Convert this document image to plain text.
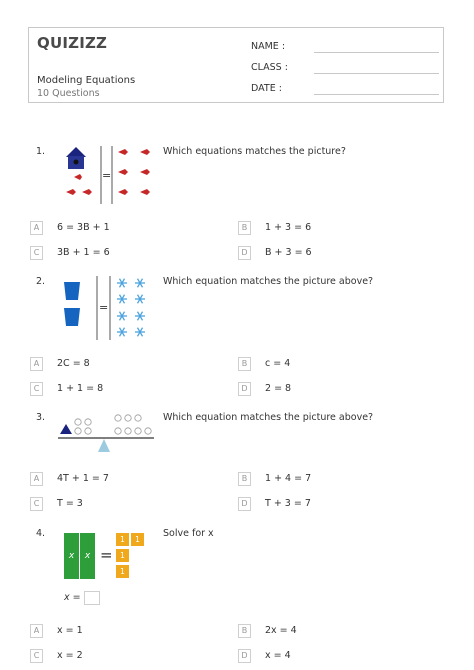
QUIZIZZ
Modeling Equations
10 Questions
NAME :
CLASS :
DATE :
1.	Which equations matches the picture?
=
A	6 = 3B + 1	B	1 + 3 = 6
C	3B + 1 = 6	D	B + 3 = 6
2.	Which equation matches the picture above?
=
A	2C = 8	B	c = 4
C	1 + 1 = 8	D	2 = 8
3.	Which equation matches the picture above?
A	4T + 1 = 7	B	1 + 4 = 7
C	T = 3	D	T + 3 = 7
4.	Solve for x
x	x =
1	1
1
1
x =
A	x = 1	B	2x = 4
C	x = 2	D	x = 4
